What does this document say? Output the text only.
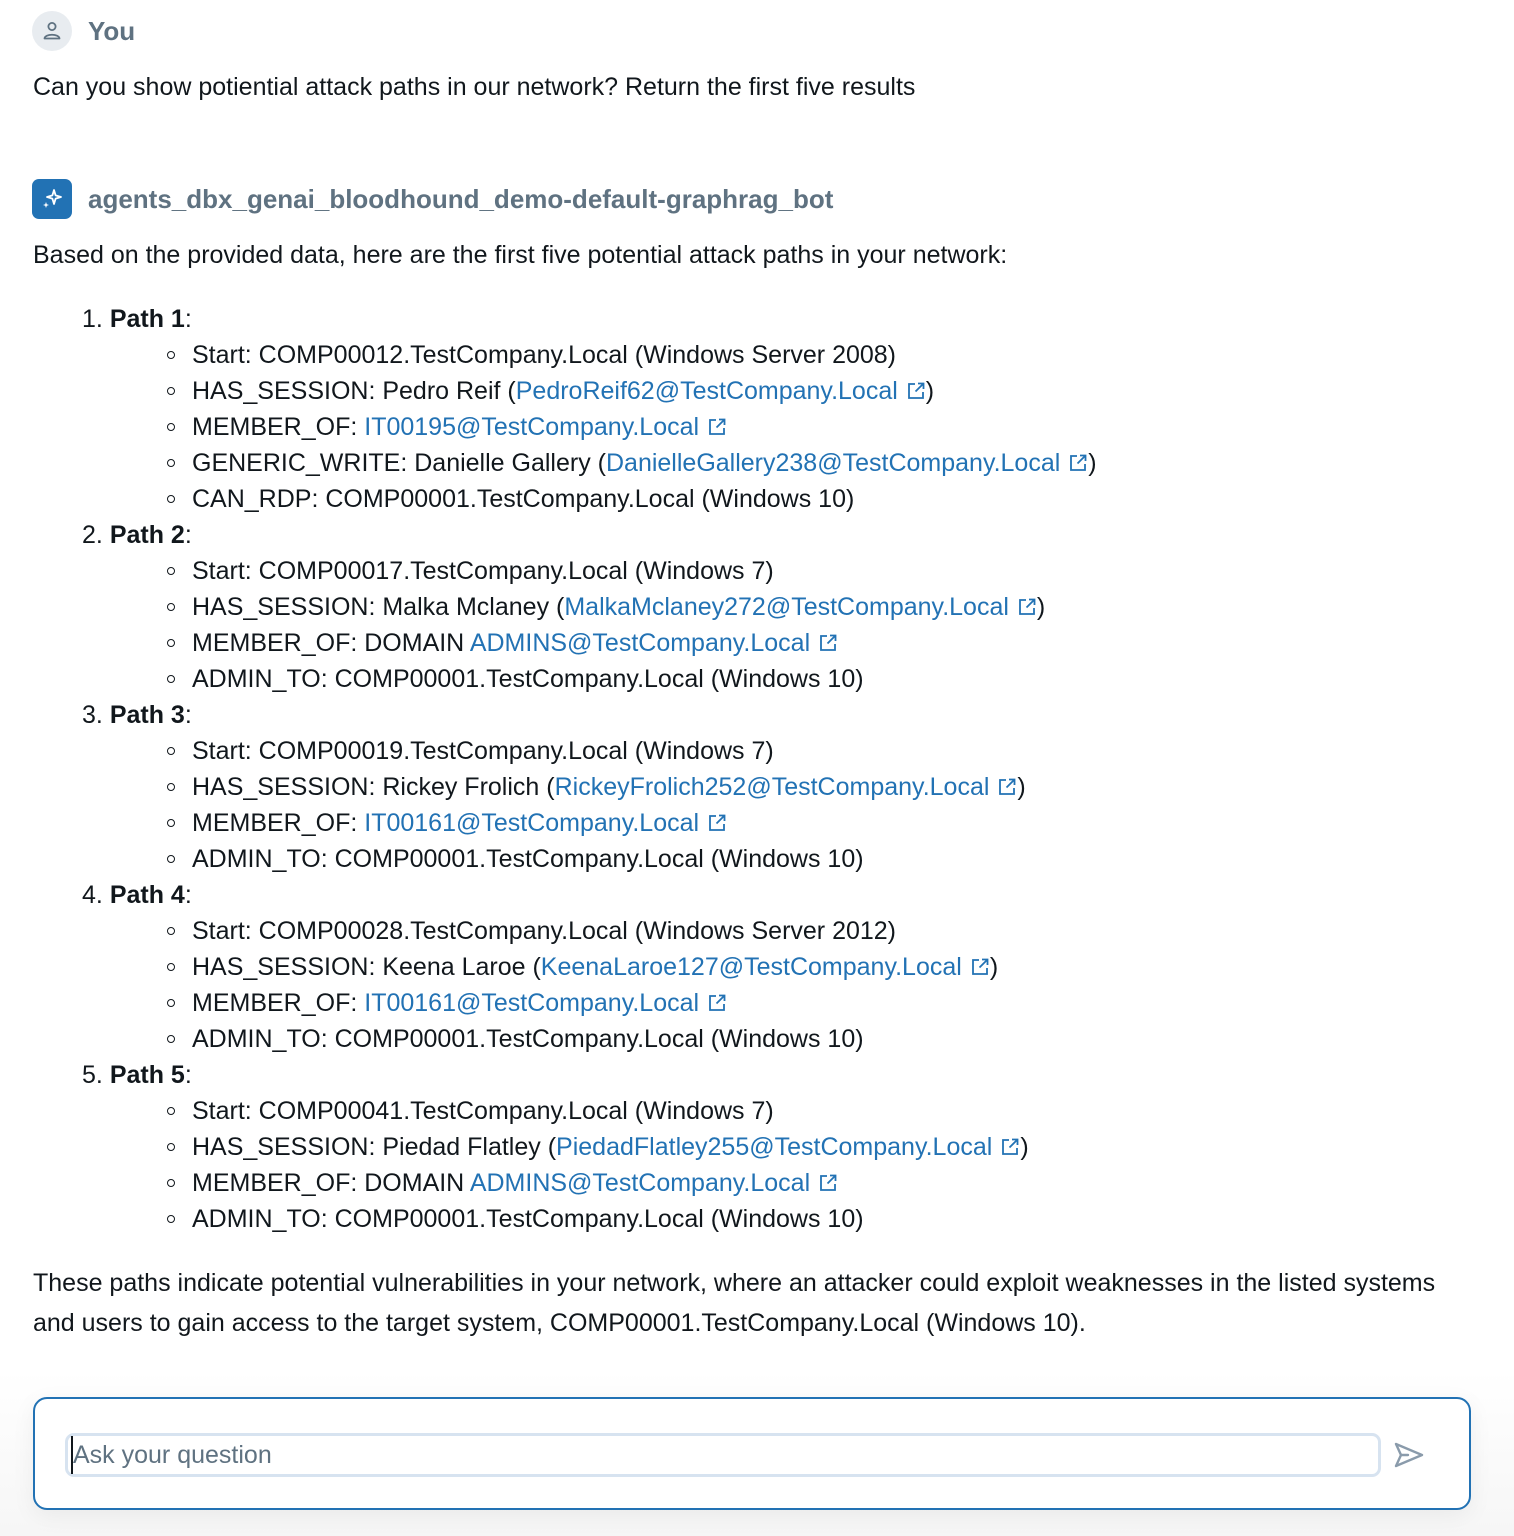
You
Can you show potiential attack paths in our network? Return the first five results
agents_dbx_genai_bloodhound_demo-default-graphrag_bot
Based on the provided data, here are the first five potential attack paths in your network:
1. Path 1:
Start: COMP00012.TestCompany.Local (Windows Server 2008)
HAS_SESSION: Pedro Reif (PedroReif62@TestCompany.Local )
MEMBER_OF: IT00195@TestCompany.Local
GENERIC_WRITE: Danielle Gallery (DanielleGallery238@TestCompany.Local )
CAN_RDP: COMP00001.TestCompany.Local (Windows 10)
2. Path 2:
Start: COMP00017.TestCompany.Local (Windows 7)
HAS_SESSION: Malka Mclaney (MalkaMclaney272@TestCompany.Local )
MEMBER_OF: DOMAIN ADMINS@TestCompany.Local
ADMIN_TO: COMP00001.TestCompany.Local (Windows 10)
3. Path 3:
Start: COMP00019.TestCompany.Local (Windows 7)
HAS_SESSION: Rickey Frolich (RickeyFrolich252@TestCompany.Local )
MEMBER_OF: IT00161@TestCompany.Local
ADMIN_TO: COMP00001.TestCompany.Local (Windows 10)
4. Path 4:
Start: COMP00028.TestCompany.Local (Windows Server 2012)
HAS_SESSION: Keena Laroe (KeenaLaroe127@TestCompany.Local )
MEMBER_OF: IT00161@TestCompany.Local
ADMIN_TO: COMP00001.TestCompany.Local (Windows 10)
5. Path 5:
Start: COMP00041.TestCompany.Local (Windows 7)
HAS_SESSION: Piedad Flatley (PiedadFlatley255@TestCompany.Local )
MEMBER_OF: DOMAIN ADMINS@TestCompany.Local
ADMIN_TO: COMP00001.TestCompany.Local (Windows 10)
These paths indicate potential vulnerabilities in your network, where an attacker could exploit weaknesses in the listed systems and users to gain access to the target system, COMP00001.TestCompany.Local (Windows 10).
Ask your question
